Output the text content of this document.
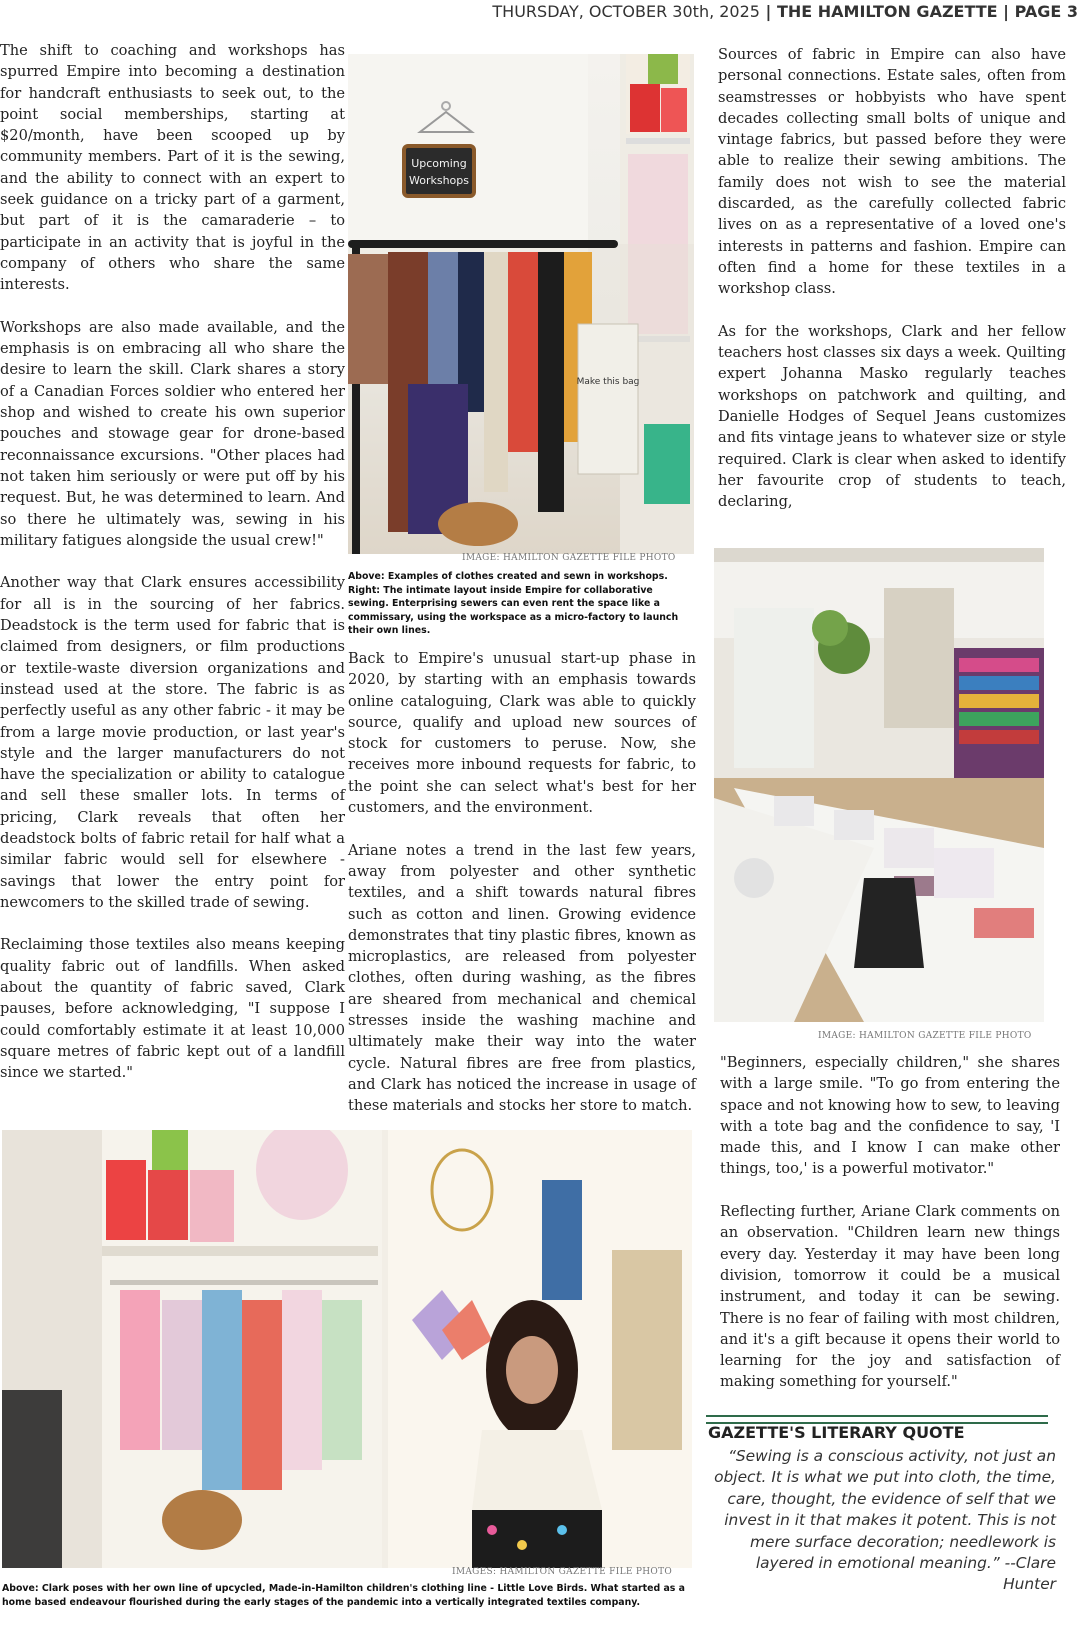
THURSDAY, OCTOBER 30th, 2025 | THE HAMILTON GAZETTE | PAGE 3

The shift to coaching and workshops has spurred Empire into becoming a destination for handcraft enthusiasts to seek out, to the point social memberships, starting at $20/month, have been scooped up by community members. Part of it is the sewing, and the ability to connect with an expert to seek guidance on a tricky part of a garment, but part of it is the camaraderie – to participate in an activity that is joyful in the company of others who share the same interests.

Workshops are also made available, and the emphasis is on embracing all who share the desire to learn the skill. Clark shares a story of a Canadian Forces soldier who entered her shop and wished to create his own superior pouches and stowage gear for drone-based reconnaissance excursions. "Other places had not taken him seriously or were put off by his request. But, he was determined to learn. And so there he ultimately was, sewing in his military fatigues alongside the usual crew!"

Another way that Clark ensures accessibility for all is in the sourcing of her fabrics. Deadstock is the term used for fabric that is claimed from designers, or film productions or textile-waste diversion organizations and instead used at the store. The fabric is as perfectly useful as any other fabric - it may be from a large movie production, or last year's style and the larger manufacturers do not have the specialization or ability to catalogue and sell these smaller lots. In terms of pricing, Clark reveals that often her deadstock bolts of fabric retail for half what a similar fabric would sell for elsewhere - savings that lower the entry point for newcomers to the skilled trade of sewing.

Reclaiming those textiles also means keeping quality fabric out of landfills. When asked about the quantity of fabric saved, Clark pauses, before acknowledging, "I suppose I could comfortably estimate it at least 10,000 square metres of fabric kept out of a landfill since we started."

Upcoming
Workshops
Make this bag
IMAGE: HAMILTON GAZETTE FILE PHOTO
Above: Examples of clothes created and sewn in workshops. Right: The intimate layout inside Empire for collaborative sewing. Enterprising sewers can even rent the space like a commissary, using the workspace as a micro-factory to launch their own lines.

Back to Empire's unusual start-up phase in 2020, by starting with an emphasis towards online cataloguing, Clark was able to quickly source, qualify and upload new sources of stock for customers to peruse. Now, she receives more inbound requests for fabric, to the point she can select what's best for her customers, and the environment.

Ariane notes a trend in the last few years, away from polyester and other synthetic textiles, and a shift towards natural fibres such as cotton and linen. Growing evidence demonstrates that tiny plastic fibres, known as microplastics, are released from polyester clothes, often during washing, as the fibres are sheared from mechanical and chemical stresses inside the washing machine and ultimately make their way into the water cycle. Natural fibres are free from plastics, and Clark has noticed the increase in usage of these materials and stocks her store to match.

Sources of fabric in Empire can also have personal connections. Estate sales, often from seamstresses or hobbyists who have spent decades collecting small bolts of unique and vintage fabrics, but passed before they were able to realize their sewing ambitions. The family does not wish to see the material discarded, as the carefully collected fabric lives on as a representative of a loved one's interests in patterns and fashion. Empire can often find a home for these textiles in a workshop class.

As for the workshops, Clark and her fellow teachers host classes six days a week. Quilting expert Johanna Masko regularly teaches workshops on patchwork and quilting, and Danielle Hodges of Sequel Jeans customizes and fits vintage jeans to whatever size or style required. Clark is clear when asked to identify her favourite crop of students to teach, declaring,

IMAGE: HAMILTON GAZETTE FILE PHOTO

"Beginners, especially children," she shares with a large smile. "To go from entering the space and not knowing how to sew, to leaving with a tote bag and the confidence to say, 'I made this, and I know I can make other things, too,' is a powerful motivator."

Reflecting further, Ariane Clark comments on an observation. "Children learn new things every day. Yesterday it may have been long division, tomorrow it could be a musical instrument, and today it can be sewing. There is no fear of failing with most children, and it's a gift because it opens their world to learning for the joy and satisfaction of making something for yourself."

IMAGES: HAMILTON GAZETTE FILE PHOTO
Above: Clark poses with her own line of upcycled, Made-in-Hamilton children's clothing line - Little Love Birds. What started as a home based endeavour flourished during the early stages of the pandemic into a vertically integrated textiles company.
GAZETTE'S LITERARY QUOTE
“Sewing is a conscious activity, not just an object. It is what we put into cloth, the time, care, thought, the evidence of self that we invest in it that makes it potent. This is not mere surface decoration; needlework is layered in emotional meaning.” --Clare Hunter
